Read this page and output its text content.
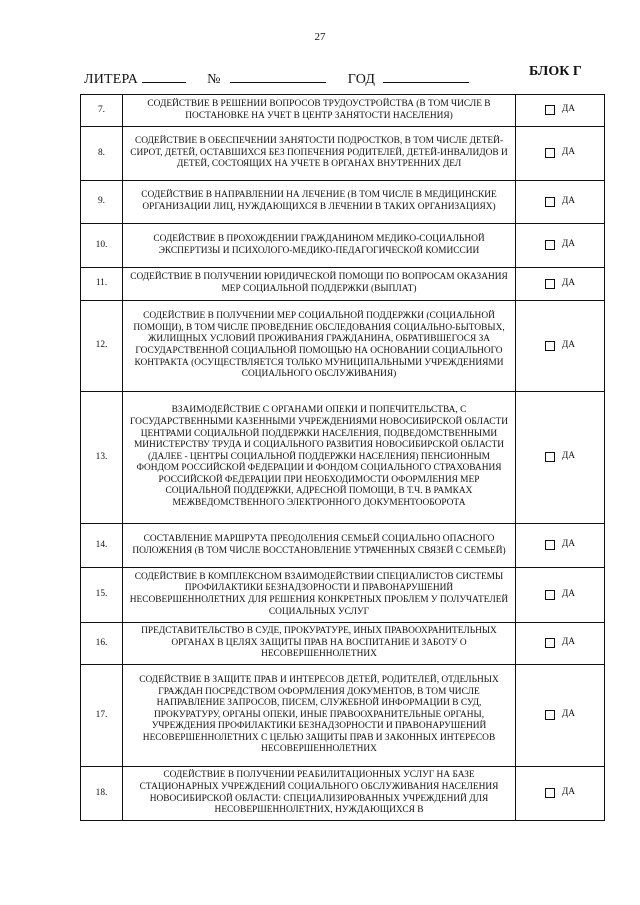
27
ЛИТЕРА	№	ГОД
БЛОК Г
7.	СОДЕЙСТВИЕ В РЕШЕНИИ ВОПРОСОВ ТРУДОУСТРОЙСТВА (В ТОМ ЧИСЛЕ В ПОСТАНОВКЕ НА УЧЕТ В ЦЕНТР ЗАНЯТОСТИ НАСЕЛЕНИЯ)	ДА
8.	СОДЕЙСТВИЕ В ОБЕСПЕЧЕНИИ ЗАНЯТОСТИ ПОДРОСТКОВ, В ТОМ ЧИСЛЕ ДЕТЕЙ-СИРОТ, ДЕТЕЙ, ОСТАВШИХСЯ БЕЗ ПОПЕЧЕНИЯ РОДИТЕЛЕЙ, ДЕТЕЙ-ИНВАЛИДОВ И ДЕТЕЙ, СОСТОЯЩИХ НА УЧЕТЕ В ОРГАНАХ ВНУТРЕННИХ ДЕЛ	ДА
9.	СОДЕЙСТВИЕ В НАПРАВЛЕНИИ НА ЛЕЧЕНИЕ (В ТОМ ЧИСЛЕ В МЕДИЦИНСКИЕ ОРГАНИЗАЦИИ ЛИЦ, НУЖДАЮЩИХСЯ В ЛЕЧЕНИИ В ТАКИХ ОРГАНИЗАЦИЯХ)	ДА
10.	СОДЕЙСТВИЕ В ПРОХОЖДЕНИИ ГРАЖДАНИНОМ МЕДИКО-СОЦИАЛЬНОЙ ЭКСПЕРТИЗЫ И ПСИХОЛОГО-МЕДИКО-ПЕДАГОГИЧЕСКОЙ КОМИССИИ	ДА
11.	СОДЕЙСТВИЕ В ПОЛУЧЕНИИ ЮРИДИЧЕСКОЙ ПОМОЩИ ПО ВОПРОСАМ ОКАЗАНИЯ МЕР СОЦИАЛЬНОЙ ПОДДЕРЖКИ (ВЫПЛАТ)	ДА
12.	СОДЕЙСТВИЕ В ПОЛУЧЕНИИ МЕР СОЦИАЛЬНОЙ ПОДДЕРЖКИ (СОЦИАЛЬНОЙ ПОМОЩИ), В ТОМ ЧИСЛЕ ПРОВЕДЕНИЕ ОБСЛЕДОВАНИЯ СОЦИАЛЬНО-БЫТОВЫХ, ЖИЛИЩНЫХ УСЛОВИЙ ПРОЖИВАНИЯ ГРАЖДАНИНА, ОБРАТИВШЕГОСЯ ЗА ГОСУДАРСТВЕННОЙ СОЦИАЛЬНОЙ ПОМОЩЬЮ НА ОСНОВАНИИ СОЦИАЛЬНОГО КОНТРАКТА (ОСУЩЕСТВЛЯЕТСЯ ТОЛЬКО МУНИЦИПАЛЬНЫМИ УЧРЕЖДЕНИЯМИ СОЦИАЛЬНОГО ОБСЛУЖИВАНИЯ)	ДА
13.	ВЗАИМОДЕЙСТВИЕ С ОРГАНАМИ ОПЕКИ И ПОПЕЧИТЕЛЬСТВА, С ГОСУДАРСТВЕННЫМИ КАЗЕННЫМИ УЧРЕЖДЕНИЯМИ НОВОСИБИРСКОЙ ОБЛАСТИ ЦЕНТРАМИ СОЦИАЛЬНОЙ ПОДДЕРЖКИ НАСЕЛЕНИЯ, ПОДВЕДОМСТВЕННЫМИ МИНИСТЕРСТВУ ТРУДА И СОЦИАЛЬНОГО РАЗВИТИЯ НОВОСИБИРСКОЙ ОБЛАСТИ (ДАЛЕЕ - ЦЕНТРЫ СОЦИАЛЬНОЙ ПОДДЕРЖКИ НАСЕЛЕНИЯ) ПЕНСИОННЫМ ФОНДОМ РОССИЙСКОЙ ФЕДЕРАЦИИ И ФОНДОМ СОЦИАЛЬНОГО СТРАХОВАНИЯ РОССИЙСКОЙ ФЕДЕРАЦИИ ПРИ НЕОБХОДИМОСТИ ОФОРМЛЕНИЯ МЕР СОЦИАЛЬНОЙ ПОДДЕРЖКИ, АДРЕСНОЙ ПОМОЩИ, В Т.Ч. В РАМКАХ МЕЖВЕДОМСТВЕННОГО ЭЛЕКТРОННОГО ДОКУМЕНТООБОРОТА	ДА
14.	СОСТАВЛЕНИЕ МАРШРУТА ПРЕОДОЛЕНИЯ СЕМЬЕЙ СОЦИАЛЬНО ОПАСНОГО ПОЛОЖЕНИЯ (В ТОМ ЧИСЛЕ ВОССТАНОВЛЕНИЕ УТРАЧЕННЫХ СВЯЗЕЙ С СЕМЬЕЙ)	ДА
15.	СОДЕЙСТВИЕ В КОМПЛЕКСНОМ ВЗАИМОДЕЙСТВИИ СПЕЦИАЛИСТОВ СИСТЕМЫ ПРОФИЛАКТИКИ БЕЗНАДЗОРНОСТИ И ПРАВОНАРУШЕНИЙ НЕСОВЕРШЕННОЛЕТНИХ ДЛЯ РЕШЕНИЯ КОНКРЕТНЫХ ПРОБЛЕМ У ПОЛУЧАТЕЛЕЙ СОЦИАЛЬНЫХ УСЛУГ	ДА
16.	ПРЕДСТАВИТЕЛЬСТВО В СУДЕ, ПРОКУРАТУРЕ, ИНЫХ ПРАВООХРАНИТЕЛЬНЫХ ОРГАНАХ В ЦЕЛЯХ ЗАЩИТЫ ПРАВ НА ВОСПИТАНИЕ И ЗАБОТУ О НЕСОВЕРШЕННОЛЕТНИХ	ДА
17.	СОДЕЙСТВИЕ В ЗАЩИТЕ ПРАВ И ИНТЕРЕСОВ ДЕТЕЙ, РОДИТЕЛЕЙ, ОТДЕЛЬНЫХ ГРАЖДАН ПОСРЕДСТВОМ ОФОРМЛЕНИЯ ДОКУМЕНТОВ, В ТОМ ЧИСЛЕ НАПРАВЛЕНИЕ ЗАПРОСОВ, ПИСЕМ, СЛУЖЕБНОЙ ИНФОРМАЦИИ В СУД, ПРОКУРАТУРУ, ОРГАНЫ ОПЕКИ, ИНЫЕ ПРАВООХРАНИТЕЛЬНЫЕ ОРГАНЫ, УЧРЕЖДЕНИЯ ПРОФИЛАКТИКИ БЕЗНАДЗОРНОСТИ И ПРАВОНАРУШЕНИЙ НЕСОВЕРШЕННОЛЕТНИХ С ЦЕЛЬЮ ЗАЩИТЫ ПРАВ И ЗАКОННЫХ ИНТЕРЕСОВ НЕСОВЕРШЕННОЛЕТНИХ	ДА
18.	СОДЕЙСТВИЕ В ПОЛУЧЕНИИ РЕАБИЛИТАЦИОННЫХ УСЛУГ НА БАЗЕ СТАЦИОНАРНЫХ УЧРЕЖДЕНИЙ СОЦИАЛЬНОГО ОБСЛУЖИВАНИЯ НАСЕЛЕНИЯ НОВОСИБИРСКОЙ ОБЛАСТИ: СПЕЦИАЛИЗИРОВАННЫХ УЧРЕЖДЕНИЙ ДЛЯ НЕСОВЕРШЕННОЛЕТНИХ, НУЖДАЮЩИХСЯ В	ДА
